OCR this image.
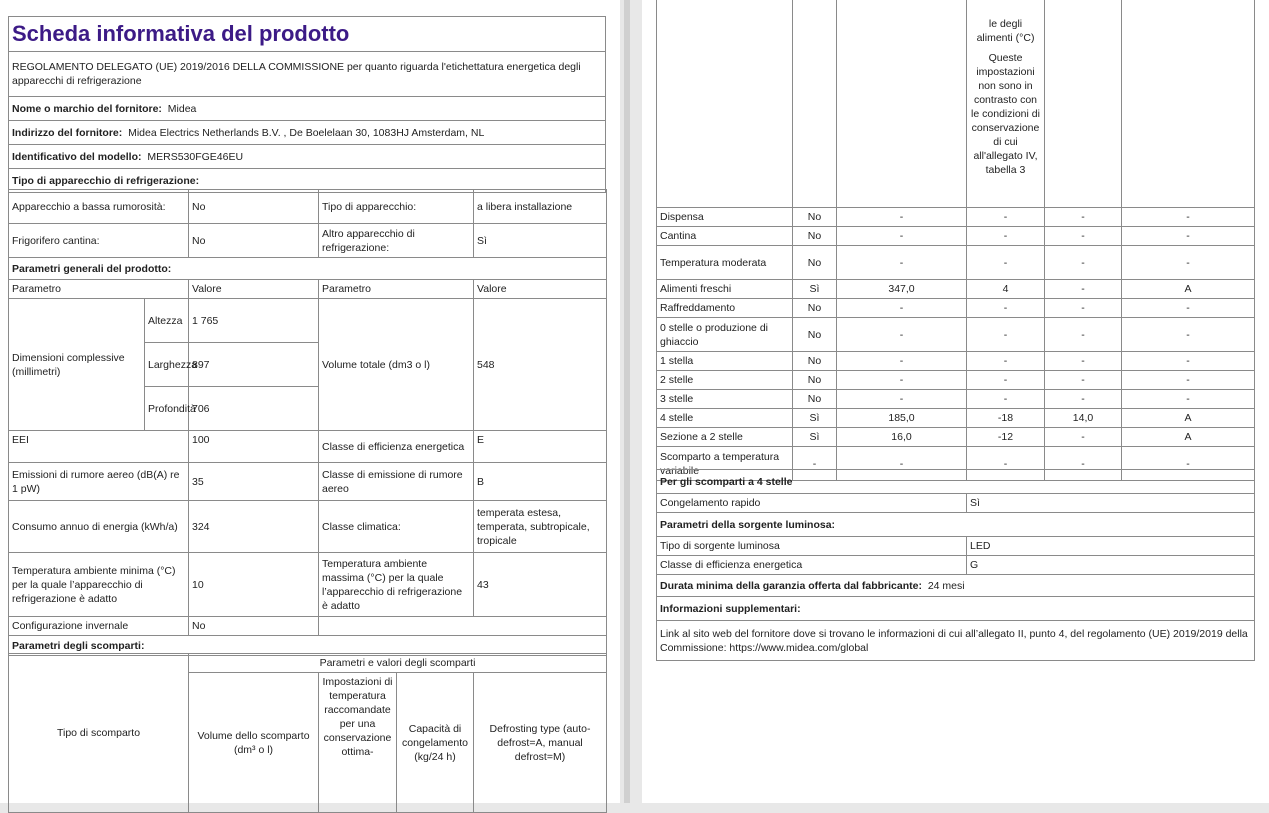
Scheda informativa del prodotto
REGOLAMENTO DELEGATO (UE) 2019/2016 DELLA COMMISSIONE per quanto riguarda l'etichettatura energetica degli apparecchi di refrigerazione
Nome o marchio del fornitore: Midea
Indirizzo del fornitore: Midea Electrics Netherlands B.V. , De Boelelaan 30, 1083HJ Amsterdam, NL
Identificativo del modello: MERS530FGE46EU
Tipo di apparecchio di refrigerazione:
Apparecchio a bassa rumorosità:	No	Tipo di apparecchio:	a libera installazione
Frigorifero cantina:	No	Altro apparecchio di refrigerazione:	Sì
Parametri generali del prodotto:			
Parametro		Valore	Parametro	Valore
Dimensioni complessive (millimetri)	Altezza	1 765	Volume totale (dm3 o l)	548
	Larghezza	897		
	Profondità	706		
EEI		100	Classe di efficienza energetica	E
Emissioni di rumore aereo (dB(A) re 1 pW)		35	Classe di emissione di rumore aereo	B
Consumo annuo di energia (kWh/a)		324	Classe climatica:	temperata estesa, temperata, subtropicale, tropicale
Temperatura ambiente minima (°C) per la quale l’apparecchio di refrigerazione è adatto		10	Temperatura ambiente massima (°C) per la quale l’apparecchio di refrigerazione è adatto	43
Configurazione invernale		No		
Parametri degli scomparti:				
Tipo di scomparto	Parametri e valori degli scomparti			
	Volume dello scomparto (dm³ o l)	Impostazioni di temperatura raccomandate per una conservazione ottima-	Capacità di congelamento (kg/24 h)	Defrosting type (auto-defrost=A, manual defrost=M)

			le degli alimenti (°C)
Queste impostazioni non sono in contrasto con le condizioni di conservazione di cui all'allegato IV, tabella 3		

Dispensa	No	-	-	-	-
Cantina	No	-	-	-	-
Temperatura moderata	No	-	-	-	-
Alimenti freschi	Sì	347,0	4	-	A
Raffreddamento	No	-	-	-	-
0 stelle o produzione di ghiaccio	No	-	-	-	-
1 stella	No	-	-	-	-
2 stelle	No	-	-	-	-
3 stelle	No	-	-	-	-
4 stelle	Sì	185,0	-18	14,0	A
Sezione a 2 stelle	Sì	16,0	-12	-	A
Scomparto a temperatura variabile	-	-	-	-	-
Per gli scomparti a 4 stelle	
Congelamento rapido	Sì
Parametri della sorgente luminosa:	
Tipo di sorgente luminosa	LED
Classe di efficienza energetica	G
Durata minima della garanzia offerta dal fabbricante: 24 mesi	
Informazioni supplementari:	
Link al sito web del fornitore dove si trovano le informazioni di cui all’allegato II, punto 4, del regolamento (UE) 2019/2019 della Commissione: https://www.midea.com/global	
